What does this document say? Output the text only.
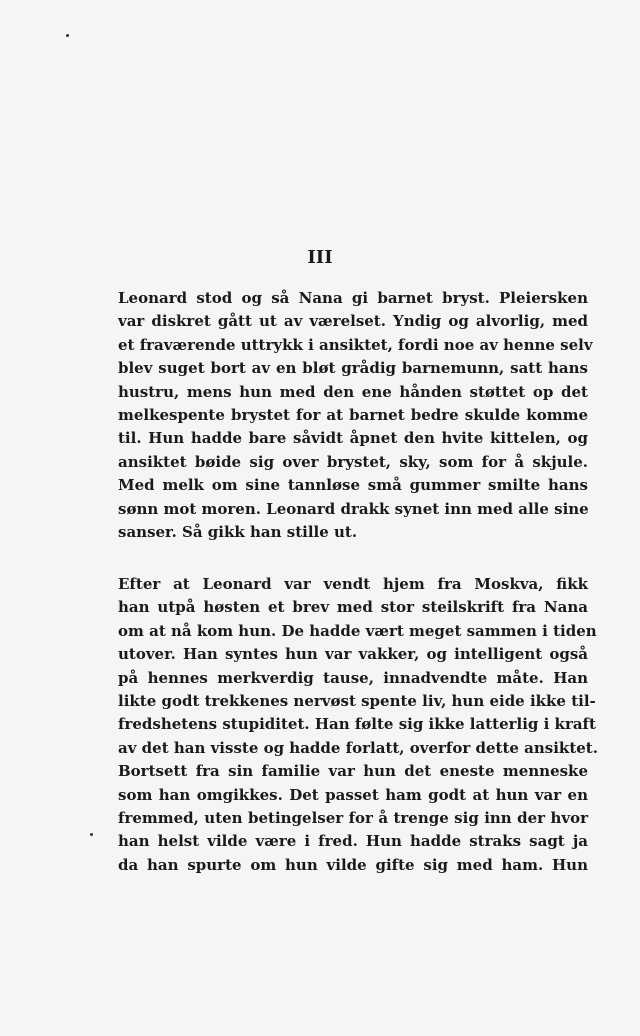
III
Leonard stod og så Nana gi barnet bryst. Pleiersken
var diskret gått ut av værelset. Yndig og alvorlig, med
et fraværende uttrykk i ansiktet, fordi noe av henne selv
blev suget bort av en bløt grådig barnemunn, satt hans
hustru, mens hun med den ene hånden støttet op det
melkespente brystet for at barnet bedre skulde komme
til. Hun hadde bare såvidt åpnet den hvite kittelen, og
ansiktet bøide sig over brystet, sky, som for å skjule.
Med melk om sine tannløse små gummer smilte hans
sønn mot moren. Leonard drakk synet inn med alle sine
sanser. Så gikk han stille ut.
Efter at Leonard var vendt hjem fra Moskva, fikk
han utpå høsten et brev med stor steilskrift fra Nana
om at nå kom hun. De hadde vært meget sammen i tiden
utover. Han syntes hun var vakker, og intelligent også
på hennes merkverdig tause, innadvendte måte. Han
likte godt trekkenes nervøst spente liv, hun eide ikke til-
fredshetens stupiditet. Han følte sig ikke latterlig i kraft
av det han visste og hadde forlatt, overfor dette ansiktet.
Bortsett fra sin familie var hun det eneste menneske
som han omgikkes. Det passet ham godt at hun var en
fremmed, uten betingelser for å trenge sig inn der hvor
han helst vilde være i fred. Hun hadde straks sagt ja
da han spurte om hun vilde gifte sig med ham. Hun
